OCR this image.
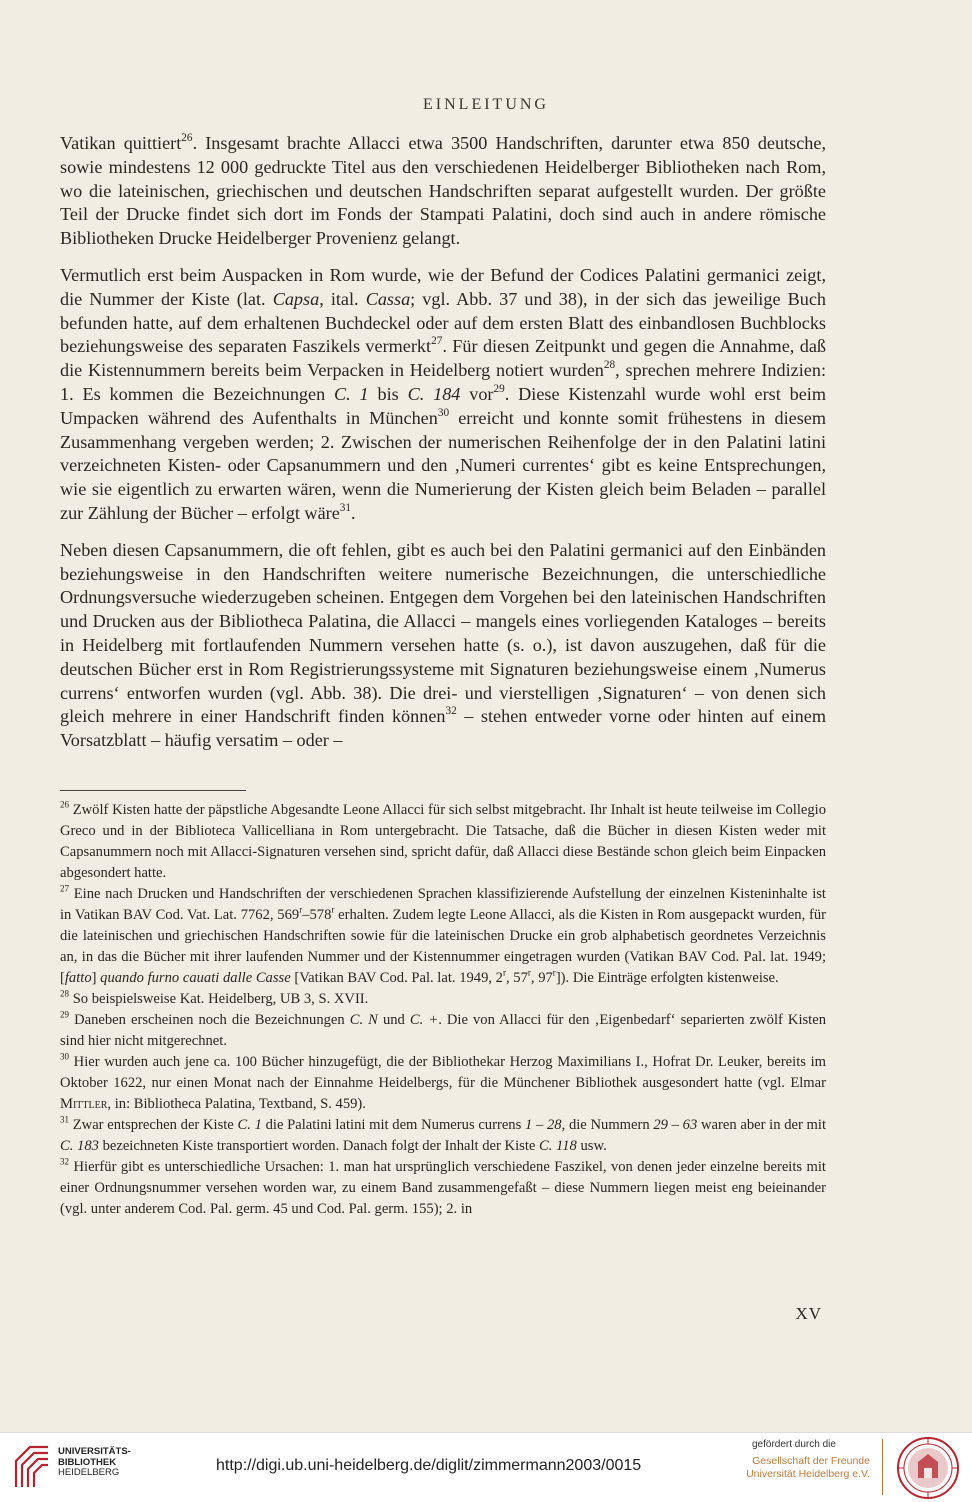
EINLEITUNG

Vatikan quittiert$^{26}$. Insgesamt brachte Allacci etwa 3500 Handschriften, darunter etwa 850 deutsche, sowie mindestens 12 000 gedruckte Titel aus den verschiedenen Heidelberger Bibliotheken nach Rom, wo die lateinischen, griechischen und deutschen Handschriften separat aufgestellt wurden. Der größte Teil der Drucke findet sich dort im Fonds der Stampati Palatini, doch sind auch in andere römische Bibliotheken Drucke Heidelberger Provenienz gelangt.

Vermutlich erst beim Auspacken in Rom wurde, wie der Befund der Codices Palatini germanici zeigt, die Nummer der Kiste (lat. Capsa, ital. Cassa; vgl. Abb. 37 und 38), in der sich das jeweilige Buch befunden hatte, auf dem erhaltenen Buchdeckel oder auf dem ersten Blatt des einbandlosen Buchblocks beziehungsweise des separaten Faszikels vermerkt$^{27}$. Für diesen Zeitpunkt und gegen die Annahme, daß die Kistennummern bereits beim Verpacken in Heidelberg notiert wurden$^{28}$, sprechen mehrere Indizien: 1. Es kommen die Bezeichnungen C. 1 bis C. 184 vor$^{29}$. Diese Kistenzahl wurde wohl erst beim Umpacken während des Aufenthalts in München$^{30}$ erreicht und konnte somit frühestens in diesem Zusammenhang vergeben werden; 2. Zwischen der numerischen Reihenfolge der in den Palatini latini verzeichneten Kisten- oder Capsanummern und den ‚Numeri currentes‘ gibt es keine Entsprechungen, wie sie eigentlich zu erwarten wären, wenn die Numerierung der Kisten gleich beim Beladen – parallel zur Zählung der Bücher – erfolgt wäre$^{31}$.

Neben diesen Capsanummern, die oft fehlen, gibt es auch bei den Palatini germanici auf den Einbänden beziehungsweise in den Handschriften weitere numerische Bezeichnungen, die unterschiedliche Ordnungsversuche wiederzugeben scheinen. Entgegen dem Vorgehen bei den lateinischen Handschriften und Drucken aus der Bibliotheca Palatina, die Allacci – mangels eines vorliegenden Kataloges – bereits in Heidelberg mit fortlaufenden Nummern versehen hatte (s. o.), ist davon auszugehen, daß für die deutschen Bücher erst in Rom Registrierungssysteme mit Signaturen beziehungsweise einem ‚Numerus currens‘ entworfen wurden (vgl. Abb. 38). Die drei- und vierstelligen ‚Signaturen‘ – von denen sich gleich mehrere in einer Handschrift finden können$^{32}$ – stehen entweder vorne oder hinten auf einem Vorsatzblatt – häufig versatim – oder –

$^{26}$ Zwölf Kisten hatte der päpstliche Abgesandte Leone Allacci für sich selbst mitgebracht. Ihr Inhalt ist heute teilweise im Collegio Greco und in der Biblioteca Vallicelliana in Rom untergebracht. Die Tatsache, daß die Bücher in diesen Kisten weder mit Capsanummern noch mit Allacci-Signaturen versehen sind, spricht dafür, daß Allacci diese Bestände schon gleich beim Einpacken abgesondert hatte.

$^{27}$ Eine nach Drucken und Handschriften der verschiedenen Sprachen klassifizierende Aufstellung der einzelnen Kisteninhalte ist in Vatikan BAV Cod. Vat. Lat. 7762, 569$^r$–578$^r$ erhalten. Zudem legte Leone Allacci, als die Kisten in Rom ausgepackt wurden, für die lateinischen und griechischen Handschriften sowie für die lateinischen Drucke ein grob alphabetisch geordnetes Verzeichnis an, in das die Bücher mit ihrer laufenden Nummer und der Kistennummer eingetragen wurden (Vatikan BAV Cod. Pal. lat. 1949; [fatto] quando furno cauati dalle Casse [Vatikan BAV Cod. Pal. lat. 1949, 2$^r$, 57$^r$, 97$^r$]). Die Einträge erfolgten kistenweise.

$^{28}$ So beispielsweise Kat. Heidelberg, UB 3, S. XVII.

$^{29}$ Daneben erscheinen noch die Bezeichnungen C. N und C. +. Die von Allacci für den ‚Eigenbedarf‘ separierten zwölf Kisten sind hier nicht mitgerechnet.

$^{30}$ Hier wurden auch jene ca. 100 Bücher hinzugefügt, die der Bibliothekar Herzog Maximilians I., Hofrat Dr. Leuker, bereits im Oktober 1622, nur einen Monat nach der Einnahme Heidelbergs, für die Münchener Bibliothek ausgesondert hatte (vgl. Elmar Mittler, in: Bibliotheca Palatina, Textband, S. 459).

$^{31}$ Zwar entsprechen der Kiste C. 1 die Palatini latini mit dem Numerus currens 1 – 28, die Nummern 29 – 63 waren aber in der mit C. 183 bezeichneten Kiste transportiert worden. Danach folgt der Inhalt der Kiste C. 118 usw.

$^{32}$ Hierfür gibt es unterschiedliche Ursachen: 1. man hat ursprünglich verschiedene Faszikel, von denen jeder einzelne bereits mit einer Ordnungsnummer versehen worden war, zu einem Band zusammengefaßt – diese Nummern liegen meist eng beieinander (vgl. unter anderem Cod. Pal. germ. 45 und Cod. Pal. germ. 155); 2. in

XV
UNIVERSITÄTS-
BIBLIOTHEK
HEIDELBERG	http://digi.ub.uni-heidelberg.de/diglit/zimmermann2003/0015
gefördert durch die
Gesellschaft der Freunde
Universität Heidelberg e.V.
